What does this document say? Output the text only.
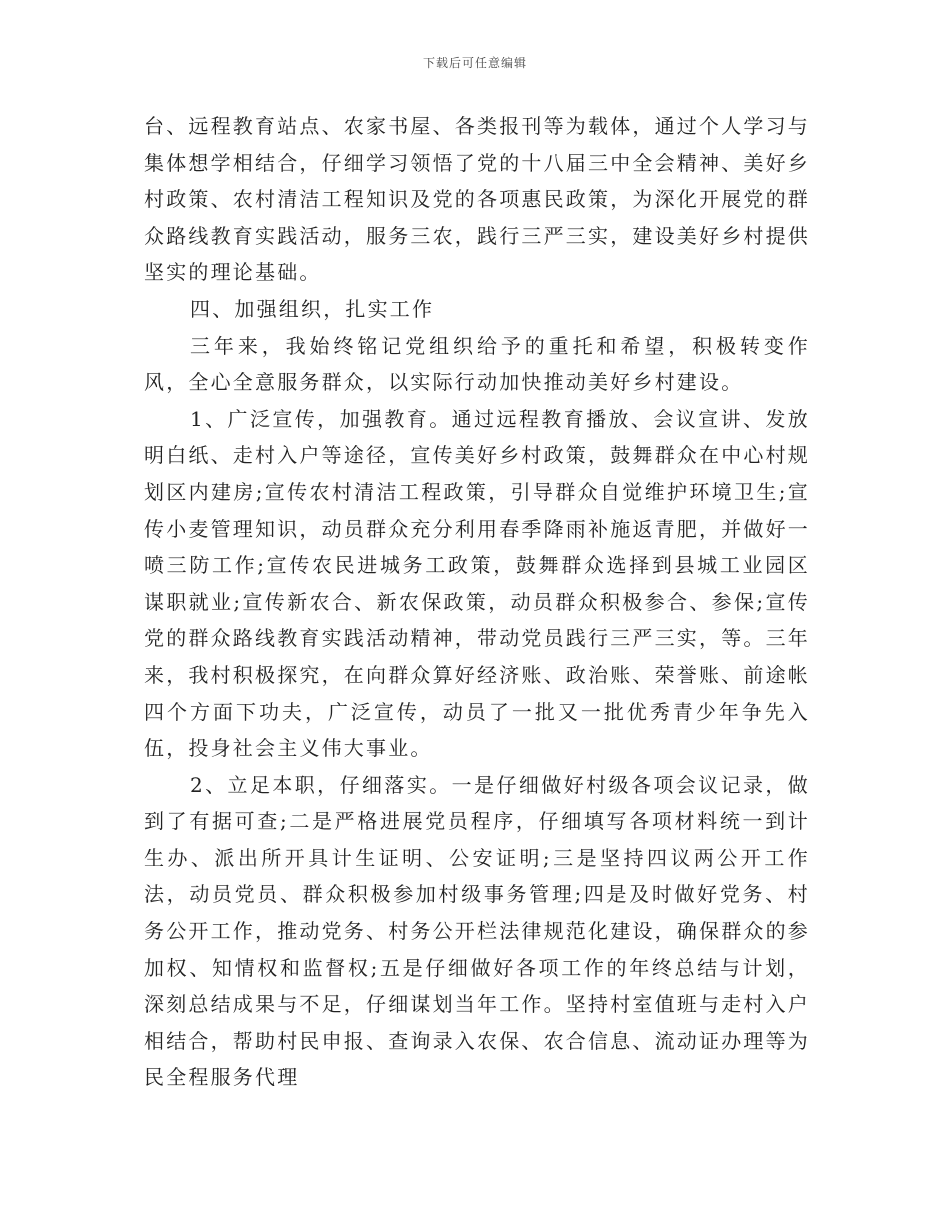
下载后可任意编辑

台、远程教育站点、农家书屋、各类报刊等为载体，通过个人学习与集体想学相结合，仔细学习领悟了党的十八届三中全会精神、美好乡村政策、农村清洁工程知识及党的各项惠民政策，为深化开展党的群众路线教育实践活动，服务三农，践行三严三实，建设美好乡村提供坚实的理论基础。

四、加强组织，扎实工作

三年来，我始终铭记党组织给予的重托和希望，积极转变作风，全心全意服务群众，以实际行动加快推动美好乡村建设。

1、广泛宣传，加强教育。通过远程教育播放、会议宣讲、发放明白纸、走村入户等途径，宣传美好乡村政策，鼓舞群众在中心村规划区内建房;宣传农村清洁工程政策，引导群众自觉维护环境卫生;宣传小麦管理知识，动员群众充分利用春季降雨补施返青肥，并做好一喷三防工作;宣传农民进城务工政策，鼓舞群众选择到县城工业园区谋职就业;宣传新农合、新农保政策，动员群众积极参合、参保;宣传党的群众路线教育实践活动精神，带动党员践行三严三实，等。三年来，我村积极探究，在向群众算好经济账、政治账、荣誉账、前途帐四个方面下功夫，广泛宣传，动员了一批又一批优秀青少年争先入伍，投身社会主义伟大事业。

2、立足本职，仔细落实。一是仔细做好村级各项会议记录，做到了有据可查;二是严格进展党员程序，仔细填写各项材料统一到计生办、派出所开具计生证明、公安证明;三是坚持四议两公开工作法，动员党员、群众积极参加村级事务管理;四是及时做好党务、村务公开工作，推动党务、村务公开栏法律规范化建设，确保群众的参加权、知情权和监督权;五是仔细做好各项工作的年终总结与计划，深刻总结成果与不足，仔细谋划当年工作。坚持村室值班与走村入户相结合，帮助村民申报、查询录入农保、农合信息、流动证办理等为民全程服务代理
